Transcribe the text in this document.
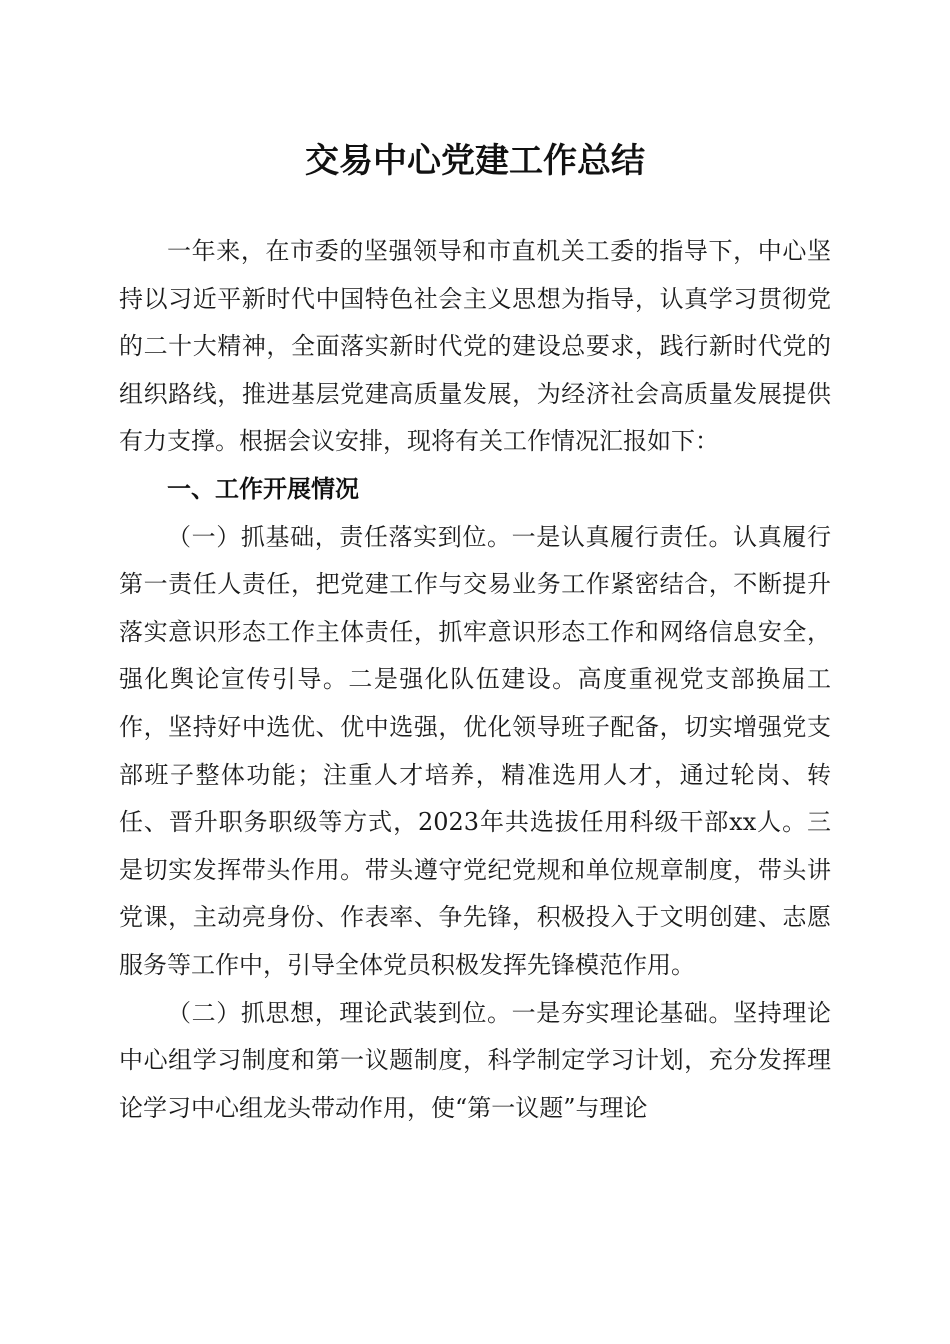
交易中心党建工作总结

一年来，在市委的坚强领导和市直机关工委的指导下，中心坚持以习近平新时代中国特色社会主义思想为指导，认真学习贯彻党的二十大精神，全面落实新时代党的建设总要求，践行新时代党的组织路线，推进基层党建高质量发展，为经济社会高质量发展提供有力支撑。根据会议安排，现将有关工作情况汇报如下：

一、工作开展情况

（一）抓基础，责任落实到位。一是认真履行责任。认真履行第一责任人责任，把党建工作与交易业务工作紧密结合，不断提升落实意识形态工作主体责任，抓牢意识形态工作和网络信息安全，强化舆论宣传引导。二是强化队伍建设。高度重视党支部换届工作，坚持好中选优、优中选强，优化领导班子配备，切实增强党支部班子整体功能；注重人才培养，精准选用人才，通过轮岗、转任、晋升职务职级等方式，2023年共选拔任用科级干部xx人。三是切实发挥带头作用。带头遵守党纪党规和单位规章制度，带头讲党课，主动亮身份、作表率、争先锋，积极投入于文明创建、志愿服务等工作中，引导全体党员积极发挥先锋模范作用。

（二）抓思想，理论武装到位。一是夯实理论基础。坚持理论中心组学习制度和第一议题制度，科学制定学习计划，充分发挥理论学习中心组龙头带动作用，使“第一议题”与理论
